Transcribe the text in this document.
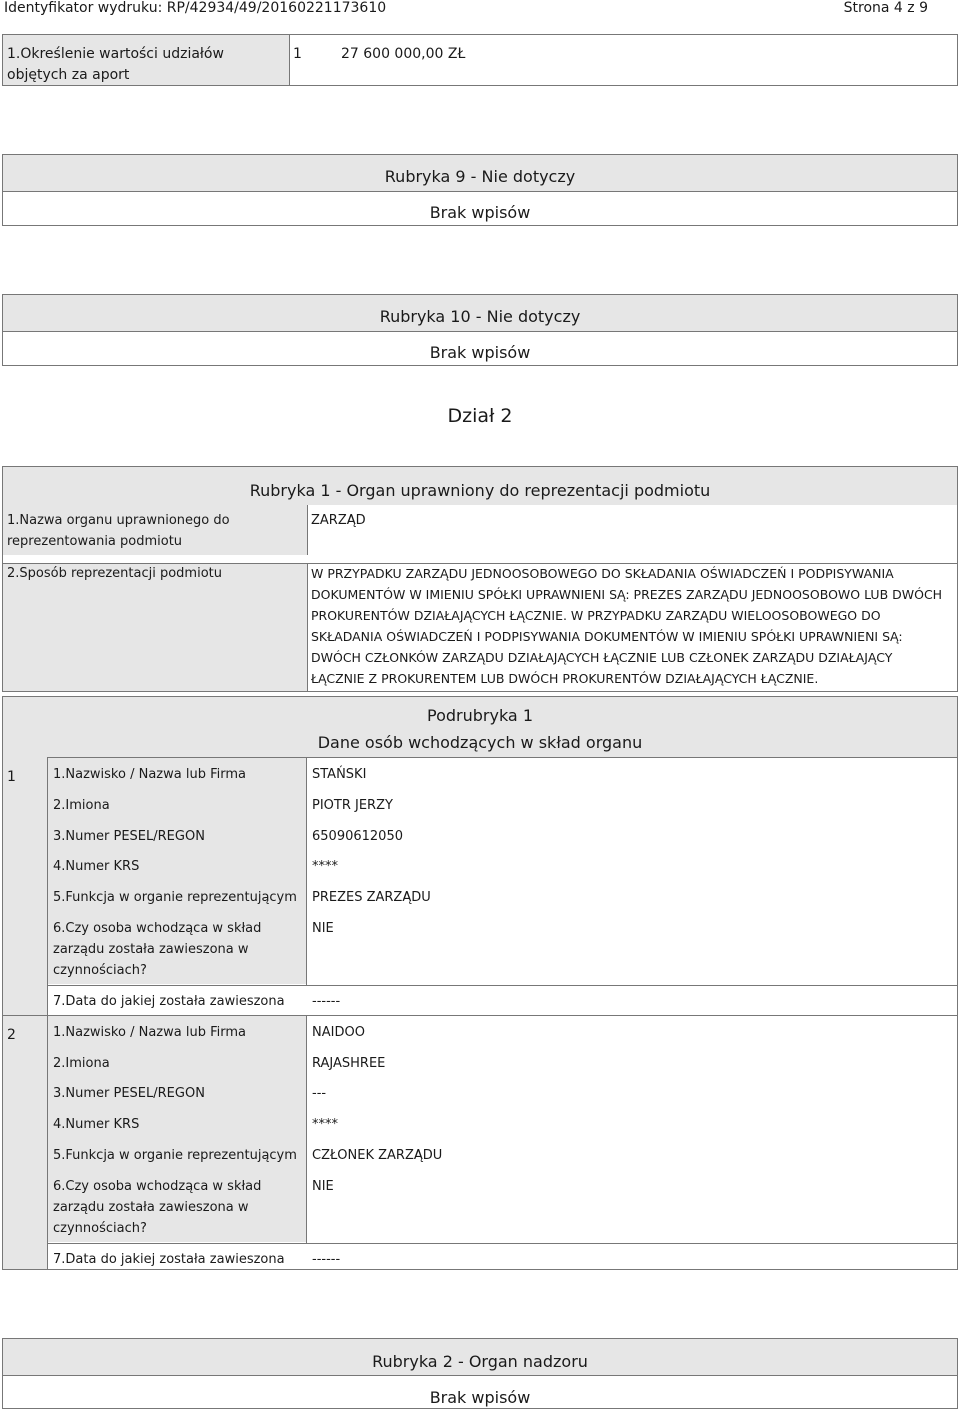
Identyfikator wydruku: RP/42934/49/20160221173610	Strona 4 z 9
1.Określenie wartości udziałów objętych za aport
1	27 600 000,00 ZŁ
Rubryka 9 - Nie dotyczy
Brak wpisów
Rubryka 10 - Nie dotyczy
Brak wpisów
Dział 2
Rubryka 1 - Organ uprawniony do reprezentacji podmiotu
1.Nazwa organu uprawnionego do reprezentowania podmiotu
ZARZĄD
2.Sposób reprezentacji podmiotu	W PRZYPADKU ZARZĄDU JEDNOOSOBOWEGO DO SKŁADANIA OŚWIADCZEŃ I PODPISYWANIA DOKUMENTÓW W IMIENIU SPÓŁKI UPRAWNIENI SĄ: PREZES ZARZĄDU JEDNOOSOBOWO LUB DWÓCH PROKURENTÓW DZIAŁAJĄCYCH ŁĄCZNIE. W PRZYPADKU ZARZĄDU WIELOOSOBOWEGO DO SKŁADANIA OŚWIADCZEŃ I PODPISYWANIA DOKUMENTÓW W IMIENIU SPÓŁKI UPRAWNIENI SĄ: DWÓCH CZŁONKÓW ZARZĄDU DZIAŁAJĄCYCH ŁĄCZNIE LUB CZŁONEK ZARZĄDU DZIAŁAJĄCY ŁĄCZNIE Z PROKURENTEM LUB DWÓCH PROKURENTÓW DZIAŁAJĄCYCH ŁĄCZNIE.
Podrubryka 1
Dane osób wchodzących w skład organu
1	1.Nazwisko / Nazwa lub Firma	STAŃSKI
2.Imiona	PIOTR JERZY
3.Numer PESEL/REGON	65090612050
4.Numer KRS	****
5.Funkcja w organie reprezentującym PREZES ZARZĄDU
6.Czy osoba wchodząca w skład zarządu została zawieszona w czynnościach?
NIE
7.Data do jakiej została zawieszona ------
2	1.Nazwisko / Nazwa lub Firma	NAIDOO
2.Imiona	RAJASHREE
3.Numer PESEL/REGON	---
4.Numer KRS	****
5.Funkcja w organie reprezentującym CZŁONEK ZARZĄDU
6.Czy osoba wchodząca w skład zarządu została zawieszona w czynnościach?
NIE
7.Data do jakiej została zawieszona ------
Rubryka 2 - Organ nadzoru
Brak wpisów
